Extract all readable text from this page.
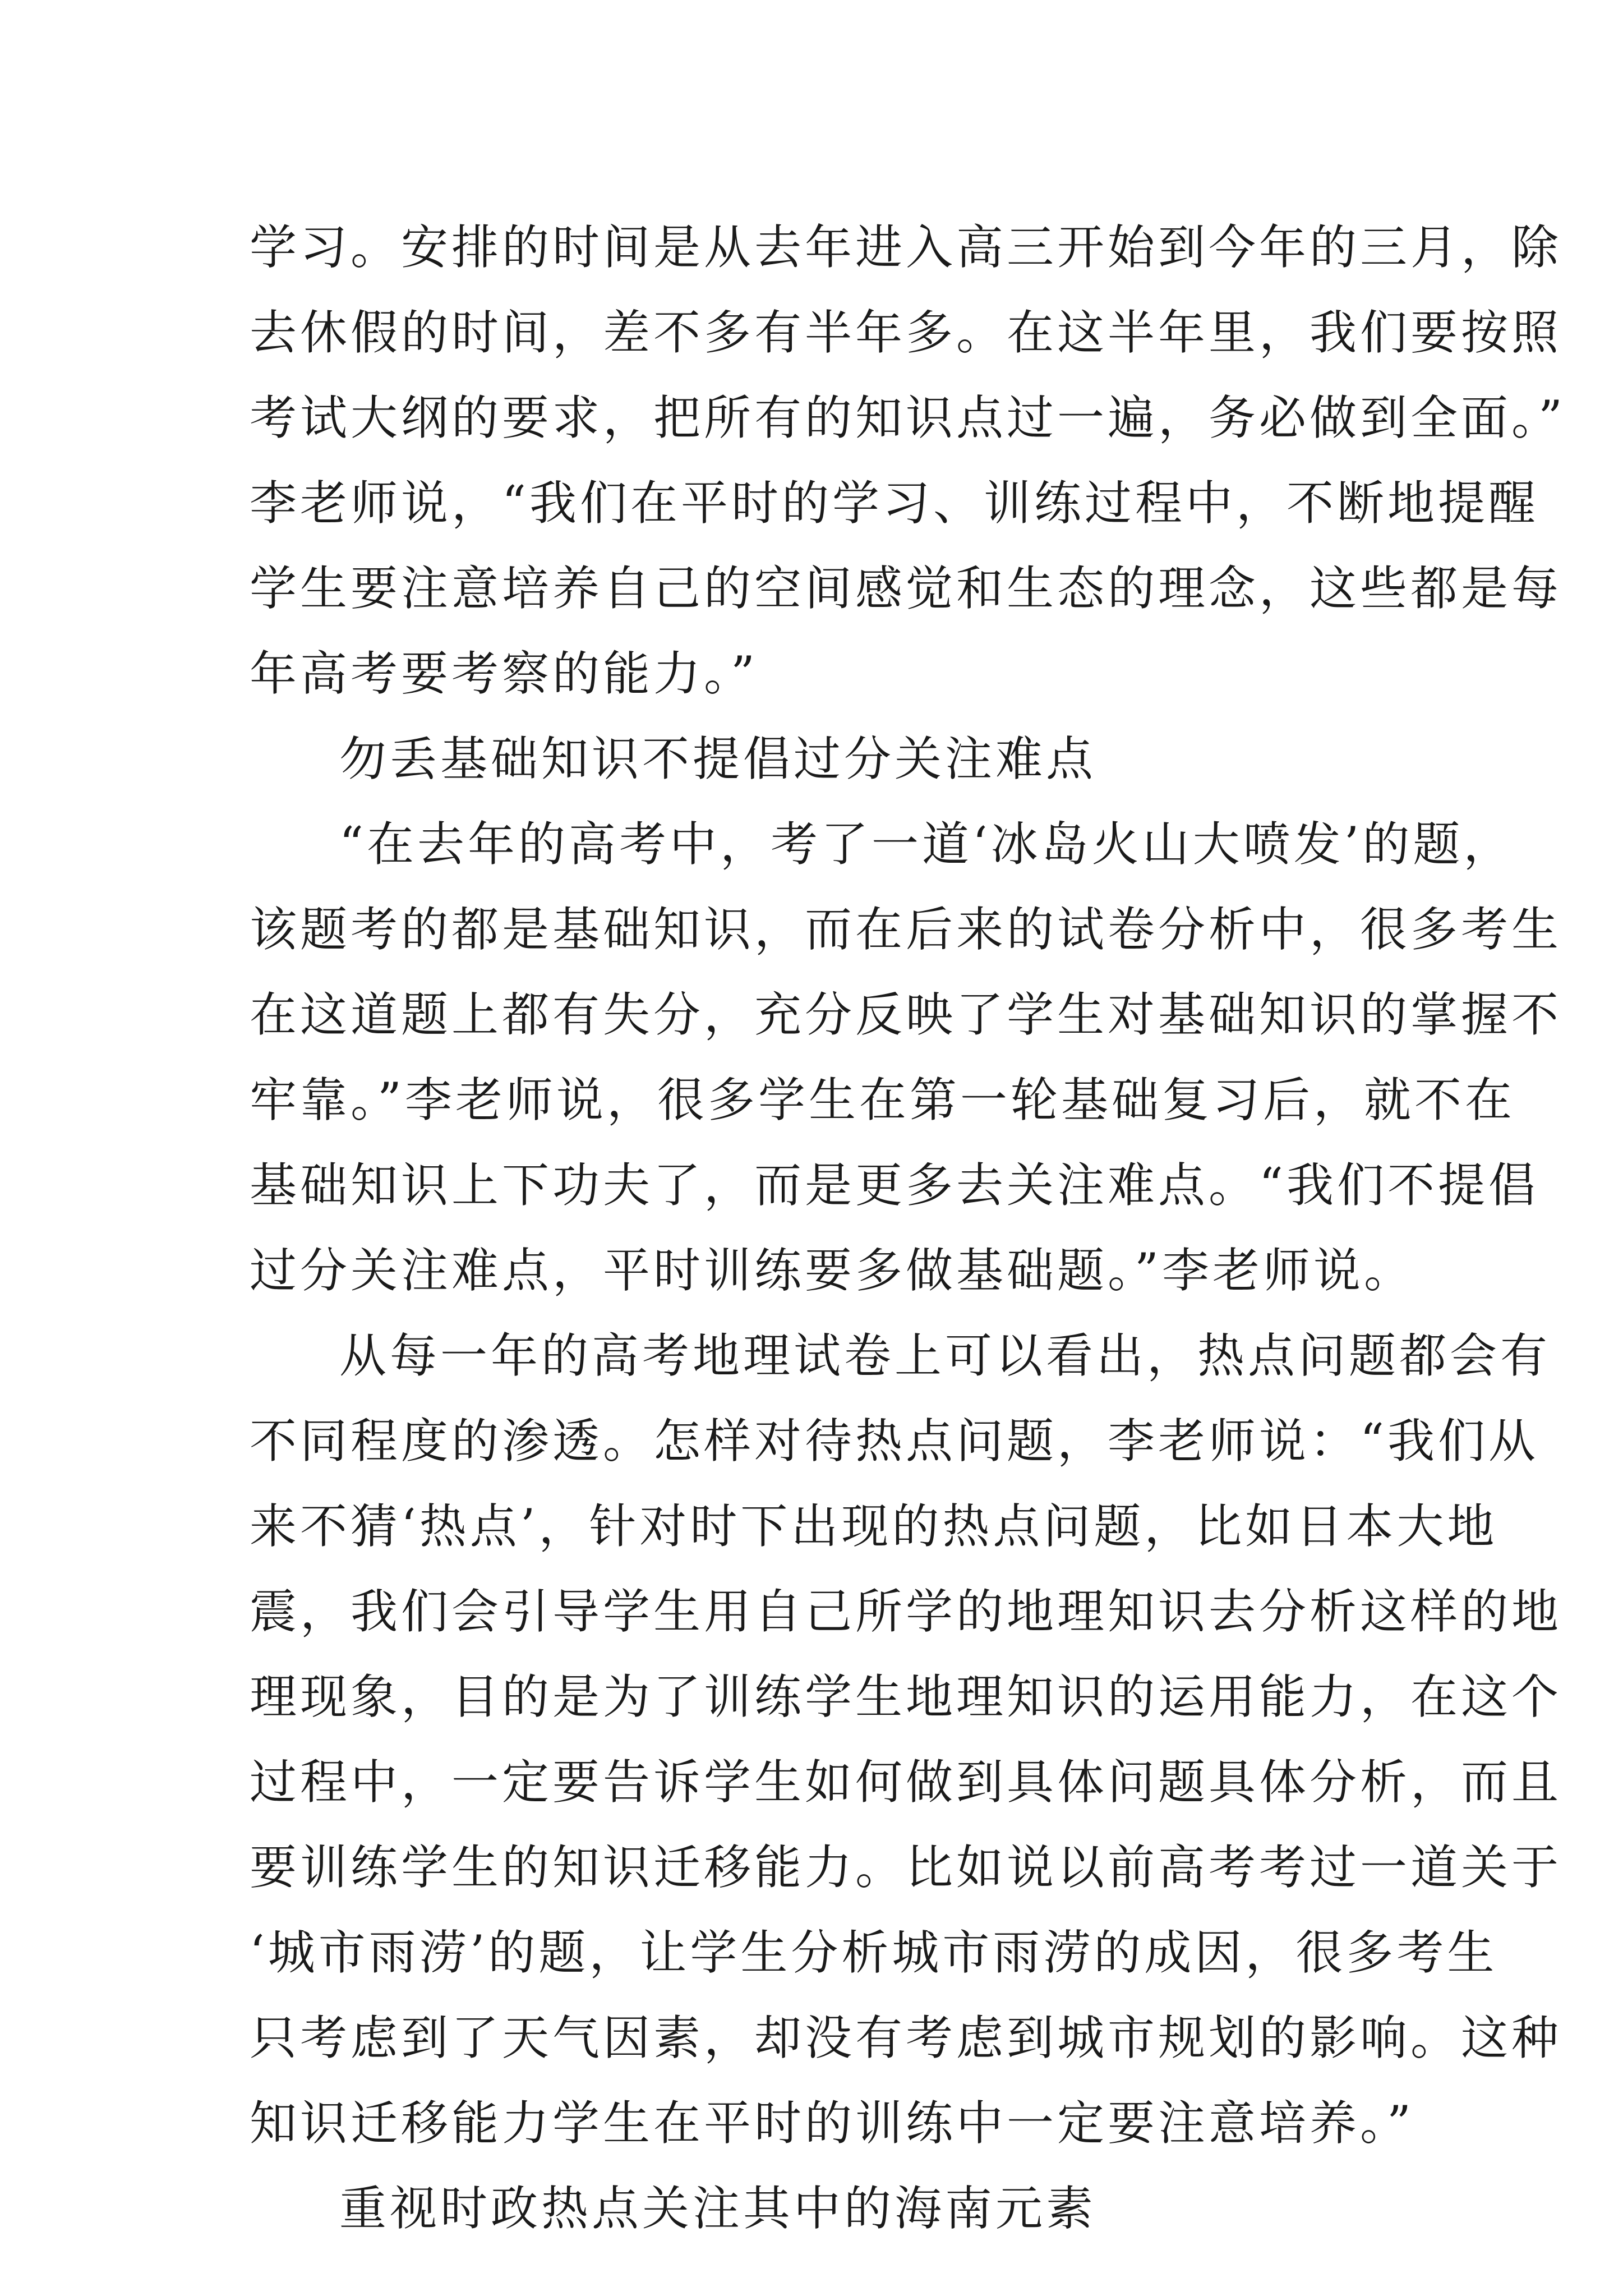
学习。安排的时间是从去年进入高三开始到今年的三月，除
去休假的时间，差不多有半年多。在这半年里，我们要按照
考试大纲的要求，把所有的知识点过一遍，务必做到全面。”
李老师说，“我们在平时的学习、训练过程中，不断地提醒
学生要注意培养自己的空间感觉和生态的理念，这些都是每
年高考要考察的能力。”
勿丢基础知识不提倡过分关注难点
“在去年的高考中，考了一道‘冰岛火山大喷发’的题，
该题考的都是基础知识，而在后来的试卷分析中，很多考生
在这道题上都有失分，充分反映了学生对基础知识的掌握不
牢靠。”李老师说，很多学生在第一轮基础复习后，就不在
基础知识上下功夫了，而是更多去关注难点。“我们不提倡
过分关注难点，平时训练要多做基础题。”李老师说。
从每一年的高考地理试卷上可以看出，热点问题都会有
不同程度的渗透。怎样对待热点问题，李老师说：“我们从
来不猜‘热点’，针对时下出现的热点问题，比如日本大地
震，我们会引导学生用自己所学的地理知识去分析这样的地
理现象，目的是为了训练学生地理知识的运用能力，在这个
过程中，一定要告诉学生如何做到具体问题具体分析，而且
要训练学生的知识迁移能力。比如说以前高考考过一道关于
‘城市雨涝’的题，让学生分析城市雨涝的成因，很多考生
只考虑到了天气因素，却没有考虑到城市规划的影响。这种
知识迁移能力学生在平时的训练中一定要注意培养。”
重视时政热点关注其中的海南元素
